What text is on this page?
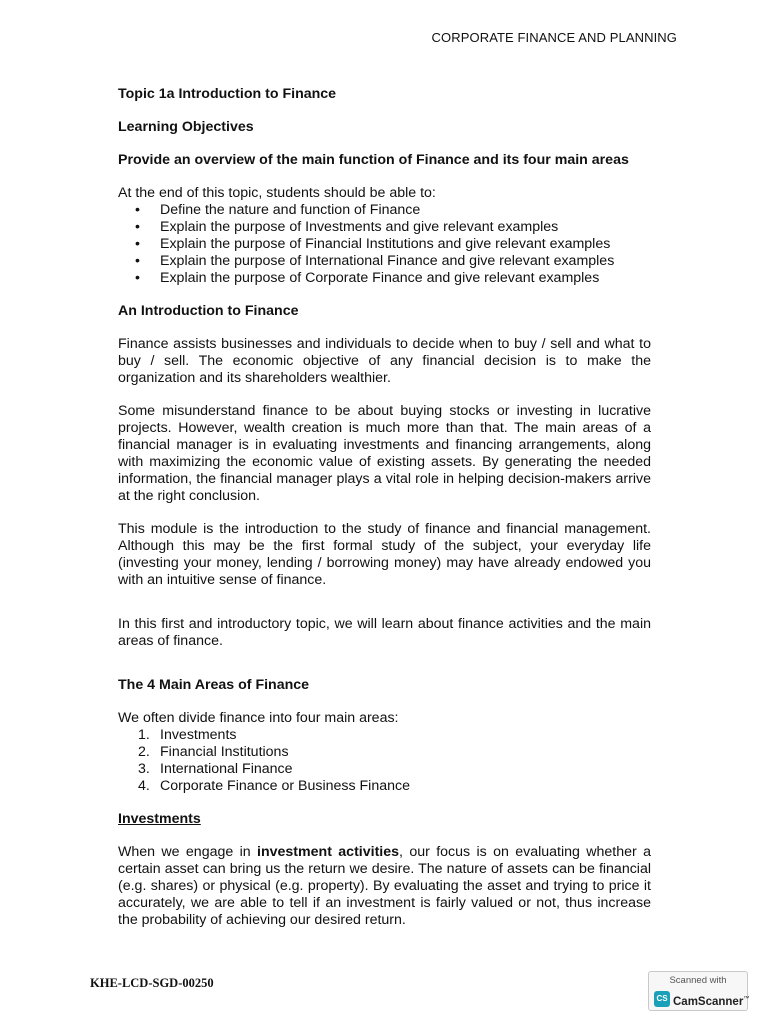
CORPORATE FINANCE AND PLANNING

Topic 1a Introduction to Finance

Learning Objectives

Provide an overview of the main function of Finance and its four main areas

At the end of this topic, students should be able to:

• Define the nature and function of Finance
• Explain the purpose of Investments and give relevant examples
• Explain the purpose of Financial Institutions and give relevant examples
• Explain the purpose of International Finance and give relevant examples
• Explain the purpose of Corporate Finance and give relevant examples

An Introduction to Finance

Finance assists businesses and individuals to decide when to buy / sell and what to buy / sell. The economic objective of any financial decision is to make the organization and its shareholders wealthier.

Some misunderstand finance to be about buying stocks or investing in lucrative projects. However, wealth creation is much more than that. The main areas of a financial manager is in evaluating investments and financing arrangements, along with maximizing the economic value of existing assets. By generating the needed information, the financial manager plays a vital role in helping decision-makers arrive at the right conclusion.

This module is the introduction to the study of finance and financial management. Although this may be the first formal study of the subject, your everyday life (investing your money, lending / borrowing money) may have already endowed you with an intuitive sense of finance.

In this first and introductory topic, we will learn about finance activities and the main areas of finance.

The 4 Main Areas of Finance

We often divide finance into four main areas:

1. Investments
2. Financial Institutions
3. International Finance
4. Corporate Finance or Business Finance

Investments

When we engage in investment activities, our focus is on evaluating whether a certain asset can bring us the return we desire. The nature of assets can be financial (e.g. shares) or physical (e.g. property). By evaluating the asset and trying to price it accurately, we are able to tell if an investment is fairly valued or not, thus increase the probability of achieving our desired return.

KHE-LCD-SGD-00250	Scanned with
CS CamScanner™
